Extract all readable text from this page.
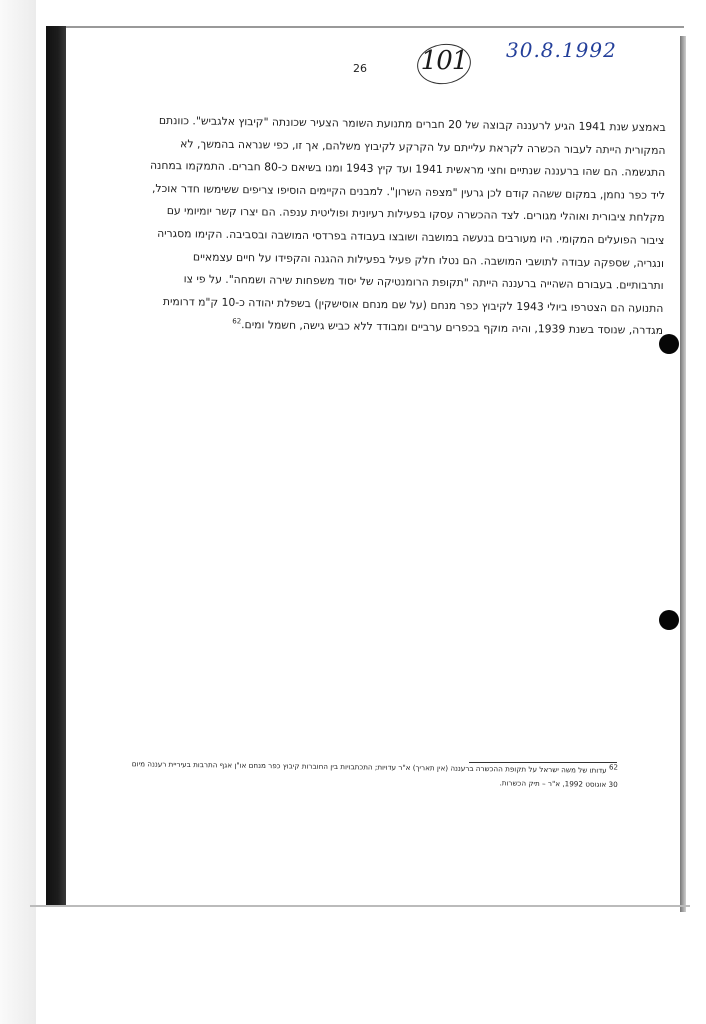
26	101 30.8.1992

באמצע שנת 1941 הגיע לרעננה קבוצה של 20 חברים מתנועת השומר הצעיר שכונתה "קיבוץ אלגביש". כוונתם

המקורית הייתה לעבור הכשרה לקראת עלייתם על הקרקע לקיבוץ משלהם, אך זו, כפי שנראה בהמשך, לא

התגשמה. הם שהו ברעננה שנתיים וחצי מראשית 1941 ועד קיץ 1943 ומנו בשיאם כ-80 חברים. התמקמו במחנה

ליד כפר נחמן, במקום ששהה קודם לכן גרעין "מצפה השרון". למבנים הקיימים הוסיפו צריפים ששימשו חדר אוכל,

מקלחת ציבורית ואוהלי מגורים. לצד ההכשרה עסקו בפעילות רעיונית ופוליטית ענפה. הם יצרו קשר יומיומי עם

ציבור הפועלים המקומי. היו מעורבים בנעשה במושבה ושובצו בעבודה בפרדסי המושבה ובסביבה. הקימו מסגריה

ונגריה, שספקה עבודה לתושבי המושבה. הם נטלו חלק פעיל בפעילות ההגנה והקפידו על חיים עצמאיים

ותרבותיים. בעבורם השהייה ברעננה הייתה "תקופת הרומנטיקה של יסוד משפחות שירה ושמחה". על פי צו

התנועה הם הצטרפו ביולי 1943 לקיבוץ כפר מנחם (על שם מנחם אוסישקין) בשפלת יהודה כ-10 ק"מ דרומית

מגדרה, שנוסד בשנת 1939, והיה מוקף בכפרים ערביים ומבודד ללא כביש גישה, חשמל ומים.$^{62}$

$^{62}$ עדותו של משה ישראל על תקופת ההכשרה ברעננה (אין תאריך) א"ר עדויות; התכתבויות בין החוברות קיבוץ כפר מנחם או"ן אגף התרבות בעיריית רעננה מיום

30 אוגוסט 1992, א"ר – תיק הכשרות.
